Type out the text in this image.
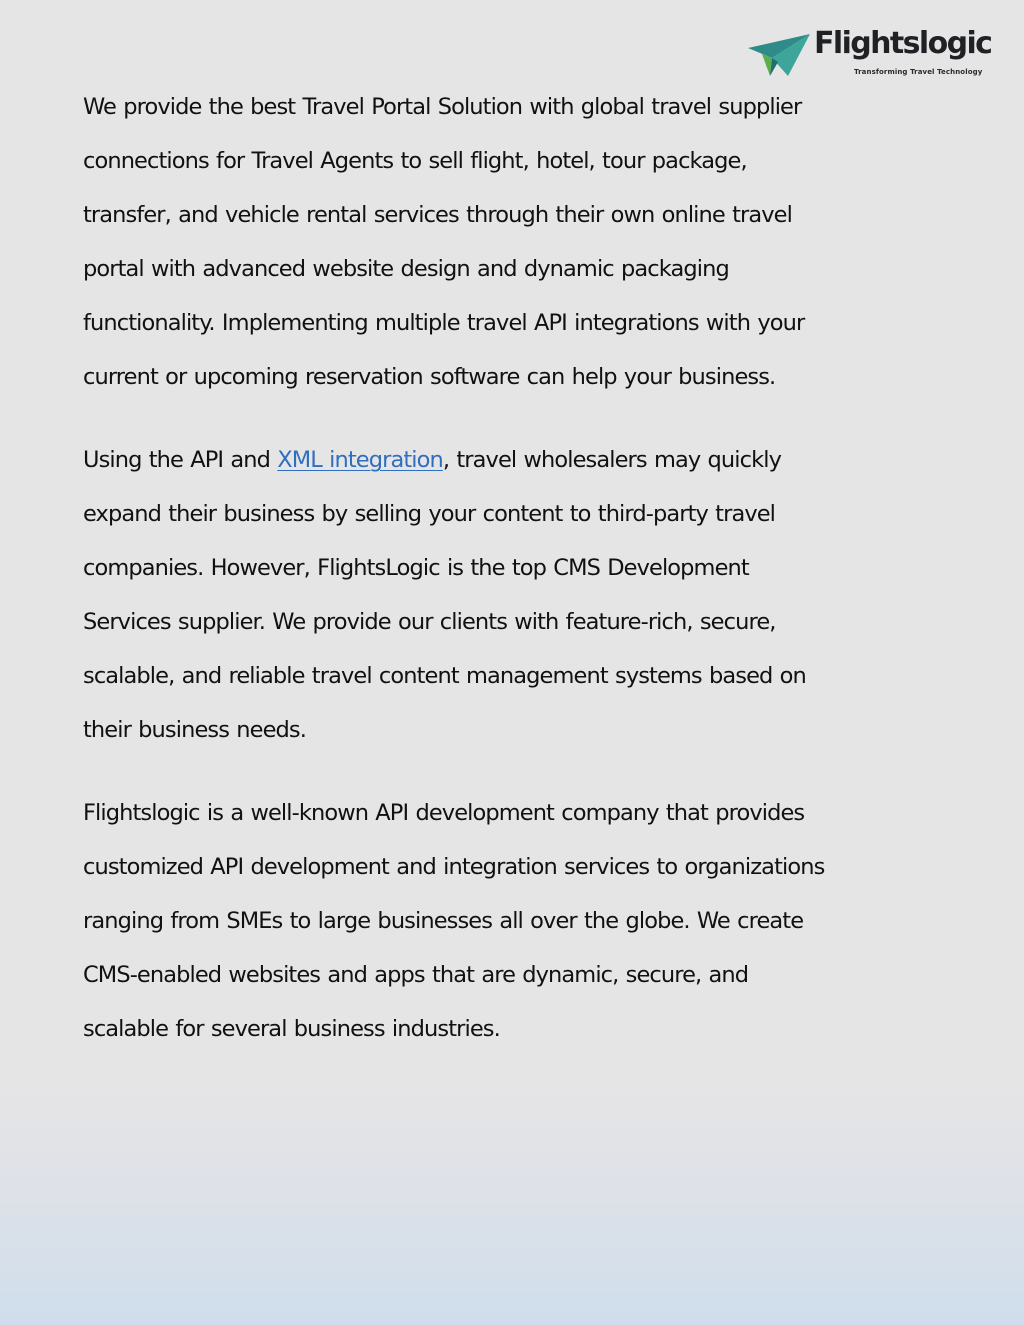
Flightslogic
Transforming Travel Technology

We provide the best Travel Portal Solution with global travel supplier
connections for Travel Agents to sell flight, hotel, tour package,
transfer, and vehicle rental services through their own online travel
portal with advanced website design and dynamic packaging
functionality. Implementing multiple travel API integrations with your
current or upcoming reservation software can help your business.

Using the API and XML integration, travel wholesalers may quickly
expand their business by selling your content to third-party travel
companies. However, FlightsLogic is the top CMS Development
Services supplier. We provide our clients with feature-rich, secure,
scalable, and reliable travel content management systems based on
their business needs.

Flightslogic is a well-known API development company that provides
customized API development and integration services to organizations
ranging from SMEs to large businesses all over the globe. We create
CMS-enabled websites and apps that are dynamic, secure, and
scalable for several business industries.
